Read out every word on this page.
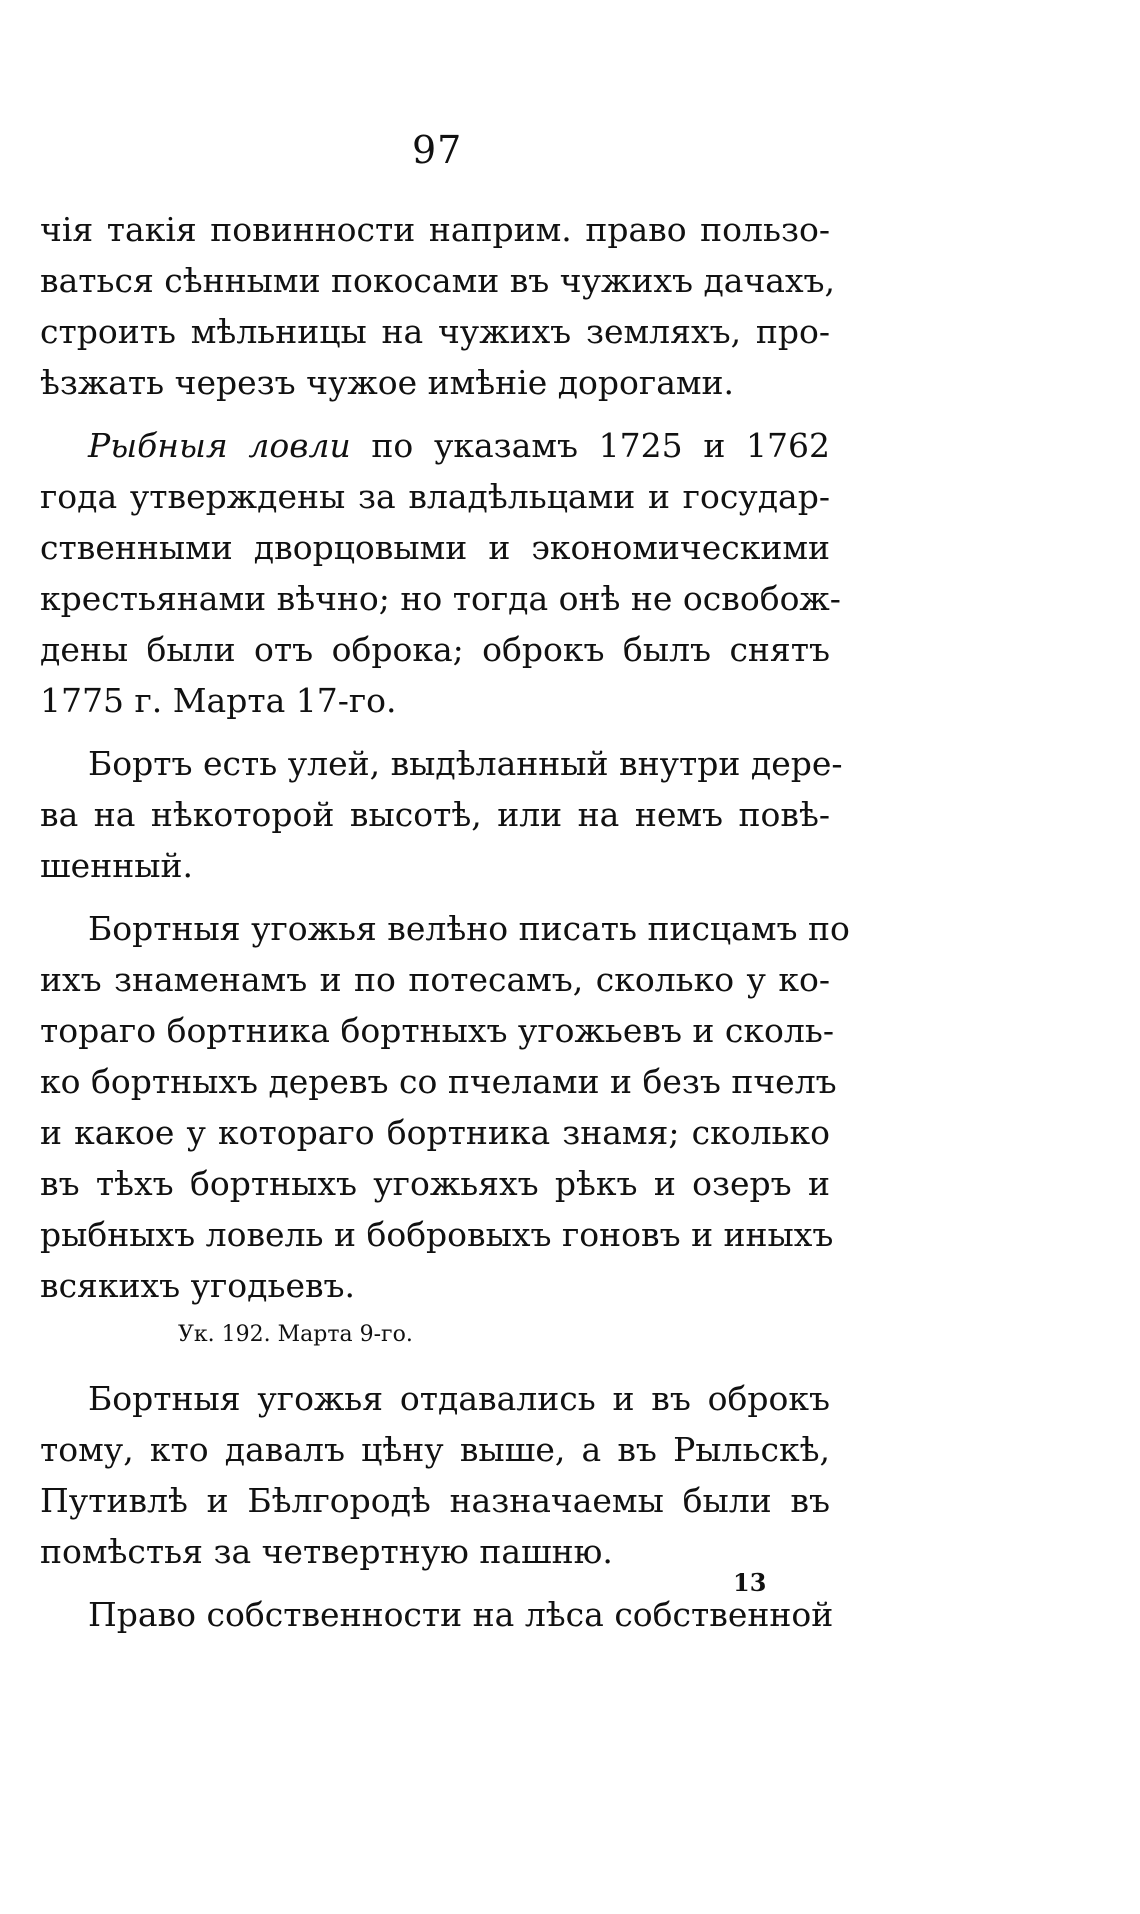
97
чія такія повинности наприм. право пользо-
ваться сѣнными покосами въ чужихъ дачахъ,
строить мѣльницы на чужихъ земляхъ, про-
ѣзжать черезъ чужое имѣніе дорогами.
Рыбныя ловли по указамъ 1725 и 1762
года утверждены за владѣльцами и государ-
ственными дворцовыми и экономическими
крестьянами вѣчно; но тогда онѣ не освобож-
дены были отъ оброка; оброкъ былъ снятъ
1775 г. Марта 17-го.
Бортъ есть улей, выдѣланный внутри дере-
ва на нѣкоторой высотѣ, или на немъ повѣ-
шенный.
Бортныя угожья велѣно писать писцамъ по
ихъ знаменамъ и по потесамъ, сколько у ко-
тораго бортника бортныхъ угожьевъ и сколь-
ко бортныхъ деревъ со пчелами и безъ пчелъ
и какое у котораго бортника знамя; сколько
въ тѣхъ бортныхъ угожьяхъ рѣкъ и озеръ и
рыбныхъ ловель и бобровыхъ гоновъ и иныхъ
всякихъ угодьевъ.
Ук. 192. Марта 9-го.
Бортныя угожья отдавались и въ оброкъ
тому, кто давалъ цѣну выше, а въ Рыльскѣ,
Путивлѣ и Бѣлгородѣ назначаемы были въ
помѣстья за четвертную пашню.
Право собственности на лѣса собственной
13
